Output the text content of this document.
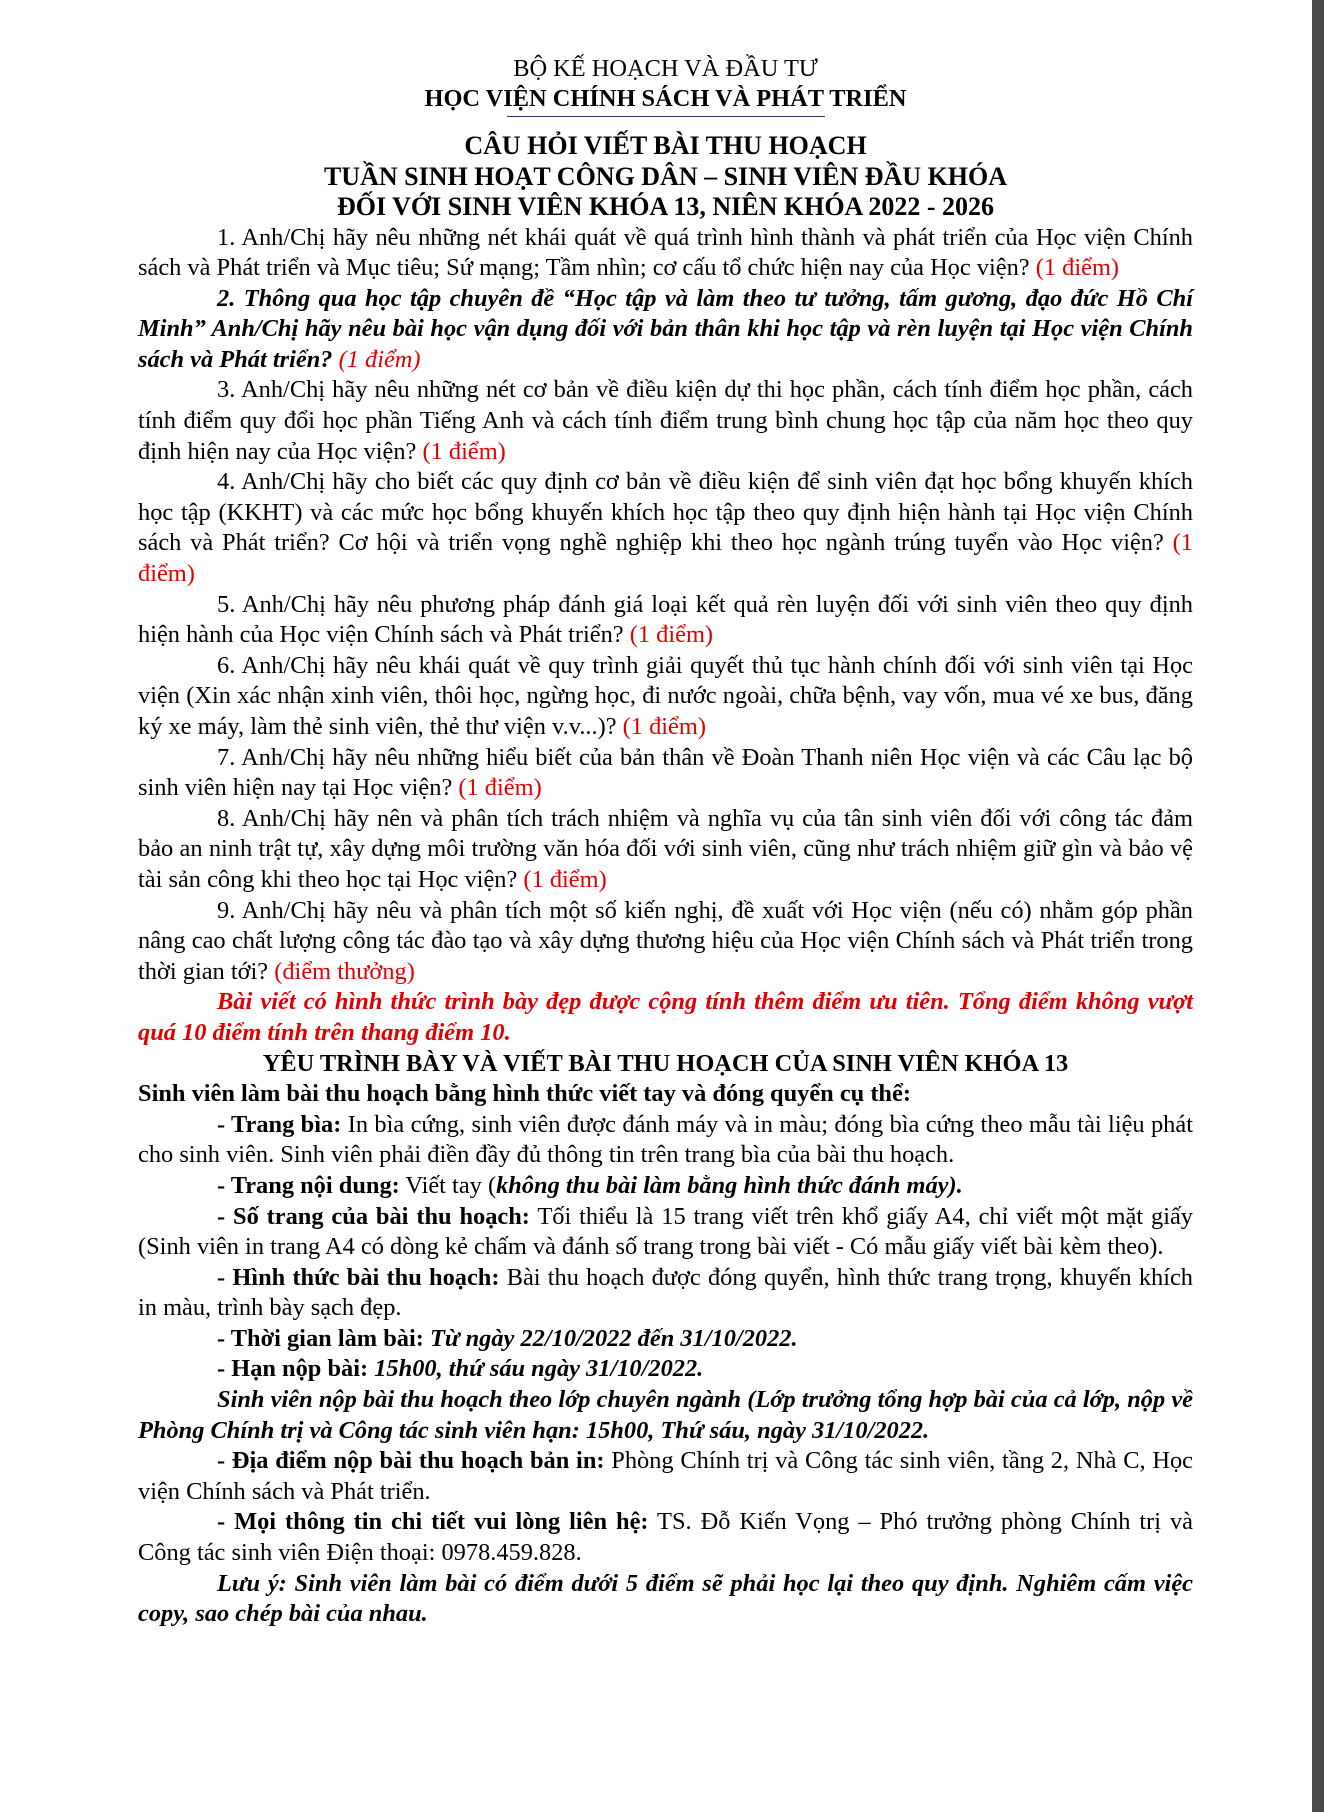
BỘ KẾ HOẠCH VÀ ĐẦU TƯ
HỌC VIỆN CHÍNH SÁCH VÀ PHÁT TRIỂN
CÂU HỎI VIẾT BÀI THU HOẠCH
TUẦN SINH HOẠT CÔNG DÂN – SINH VIÊN ĐẦU KHÓA
ĐỐI VỚI SINH VIÊN KHÓA 13, NIÊN KHÓA 2022 - 2026

1. Anh/Chị hãy nêu những nét khái quát về quá trình hình thành và phát triển của Học viện Chính sách và Phát triển và Mục tiêu; Sứ mạng; Tầm nhìn; cơ cấu tổ chức hiện nay của Học viện? (1 điểm)

2. Thông qua học tập chuyên đề “Học tập và làm theo tư tưởng, tấm gương, đạo đức Hồ Chí Minh” Anh/Chị hãy nêu bài học vận dụng đối với bản thân khi học tập và rèn luyện tại Học viện Chính sách và Phát triển? (1 điểm)

3. Anh/Chị hãy nêu những nét cơ bản về điều kiện dự thi học phần, cách tính điểm học phần, cách tính điểm quy đổi học phần Tiếng Anh và cách tính điểm trung bình chung học tập của năm học theo quy định hiện nay của Học viện? (1 điểm)

4. Anh/Chị hãy cho biết các quy định cơ bản về điều kiện để sinh viên đạt học bổng khuyến khích học tập (KKHT) và các mức học bổng khuyến khích học tập theo quy định hiện hành tại Học viện Chính sách và Phát triển? Cơ hội và triển vọng nghề nghiệp khi theo học ngành trúng tuyển vào Học viện? (1 điểm)

5. Anh/Chị hãy nêu phương pháp đánh giá loại kết quả rèn luyện đối với sinh viên theo quy định hiện hành của Học viện Chính sách và Phát triển? (1 điểm)

6. Anh/Chị hãy nêu khái quát về quy trình giải quyết thủ tục hành chính đối với sinh viên tại Học viện (Xin xác nhận xinh viên, thôi học, ngừng học, đi nước ngoài, chữa bệnh, vay vốn, mua vé xe bus, đăng ký xe máy, làm thẻ sinh viên, thẻ thư viện v.v...)? (1 điểm)

7. Anh/Chị hãy nêu những hiểu biết của bản thân về Đoàn Thanh niên Học viện và các Câu lạc bộ sinh viên hiện nay tại Học viện? (1 điểm)

8. Anh/Chị hãy nên và phân tích trách nhiệm và nghĩa vụ của tân sinh viên đối với công tác đảm bảo an ninh trật tự, xây dựng môi trường văn hóa đối với sinh viên, cũng như trách nhiệm giữ gìn và bảo vệ tài sản công khi theo học tại Học viện? (1 điểm)

9. Anh/Chị hãy nêu và phân tích một số kiến nghị, đề xuất với Học viện (nếu có) nhằm góp phần nâng cao chất lượng công tác đào tạo và xây dựng thương hiệu của Học viện Chính sách và Phát triển trong thời gian tới? (điểm thưởng)

Bài viết có hình thức trình bày đẹp được cộng tính thêm điểm ưu tiên. Tổng điểm không vượt quá 10 điểm tính trên thang điểm 10.

YÊU TRÌNH BÀY VÀ VIẾT BÀI THU HOẠCH CỦA SINH VIÊN KHÓA 13

Sinh viên làm bài thu hoạch bằng hình thức viết tay và đóng quyển cụ thể:

- Trang bìa: In bìa cứng, sinh viên được đánh máy và in màu; đóng bìa cứng theo mẫu tài liệu phát cho sinh viên. Sinh viên phải điền đầy đủ thông tin trên trang bìa của bài thu hoạch.

- Trang nội dung: Viết tay (không thu bài làm bằng hình thức đánh máy).

- Số trang của bài thu hoạch: Tối thiểu là 15 trang viết trên khổ giấy A4, chỉ viết một mặt giấy (Sinh viên in trang A4 có dòng kẻ chấm và đánh số trang trong bài viết - Có mẫu giấy viết bài kèm theo).

- Hình thức bài thu hoạch: Bài thu hoạch được đóng quyển, hình thức trang trọng, khuyến khích in màu, trình bày sạch đẹp.

- Thời gian làm bài: Từ ngày 22/10/2022 đến 31/10/2022.

- Hạn nộp bài: 15h00, thứ sáu ngày 31/10/2022.

Sinh viên nộp bài thu hoạch theo lớp chuyên ngành (Lớp trưởng tổng hợp bài của cả lớp, nộp về Phòng Chính trị và Công tác sinh viên hạn: 15h00, Thứ sáu, ngày 31/10/2022.

- Địa điểm nộp bài thu hoạch bản in: Phòng Chính trị và Công tác sinh viên, tầng 2, Nhà C, Học viện Chính sách và Phát triển.

- Mọi thông tin chi tiết vui lòng liên hệ: TS. Đỗ Kiến Vọng – Phó trưởng phòng Chính trị và Công tác sinh viên Điện thoại: 0978.459.828.

Lưu ý: Sinh viên làm bài có điểm dưới 5 điểm sẽ phải học lại theo quy định. Nghiêm cấm việc copy, sao chép bài của nhau.
